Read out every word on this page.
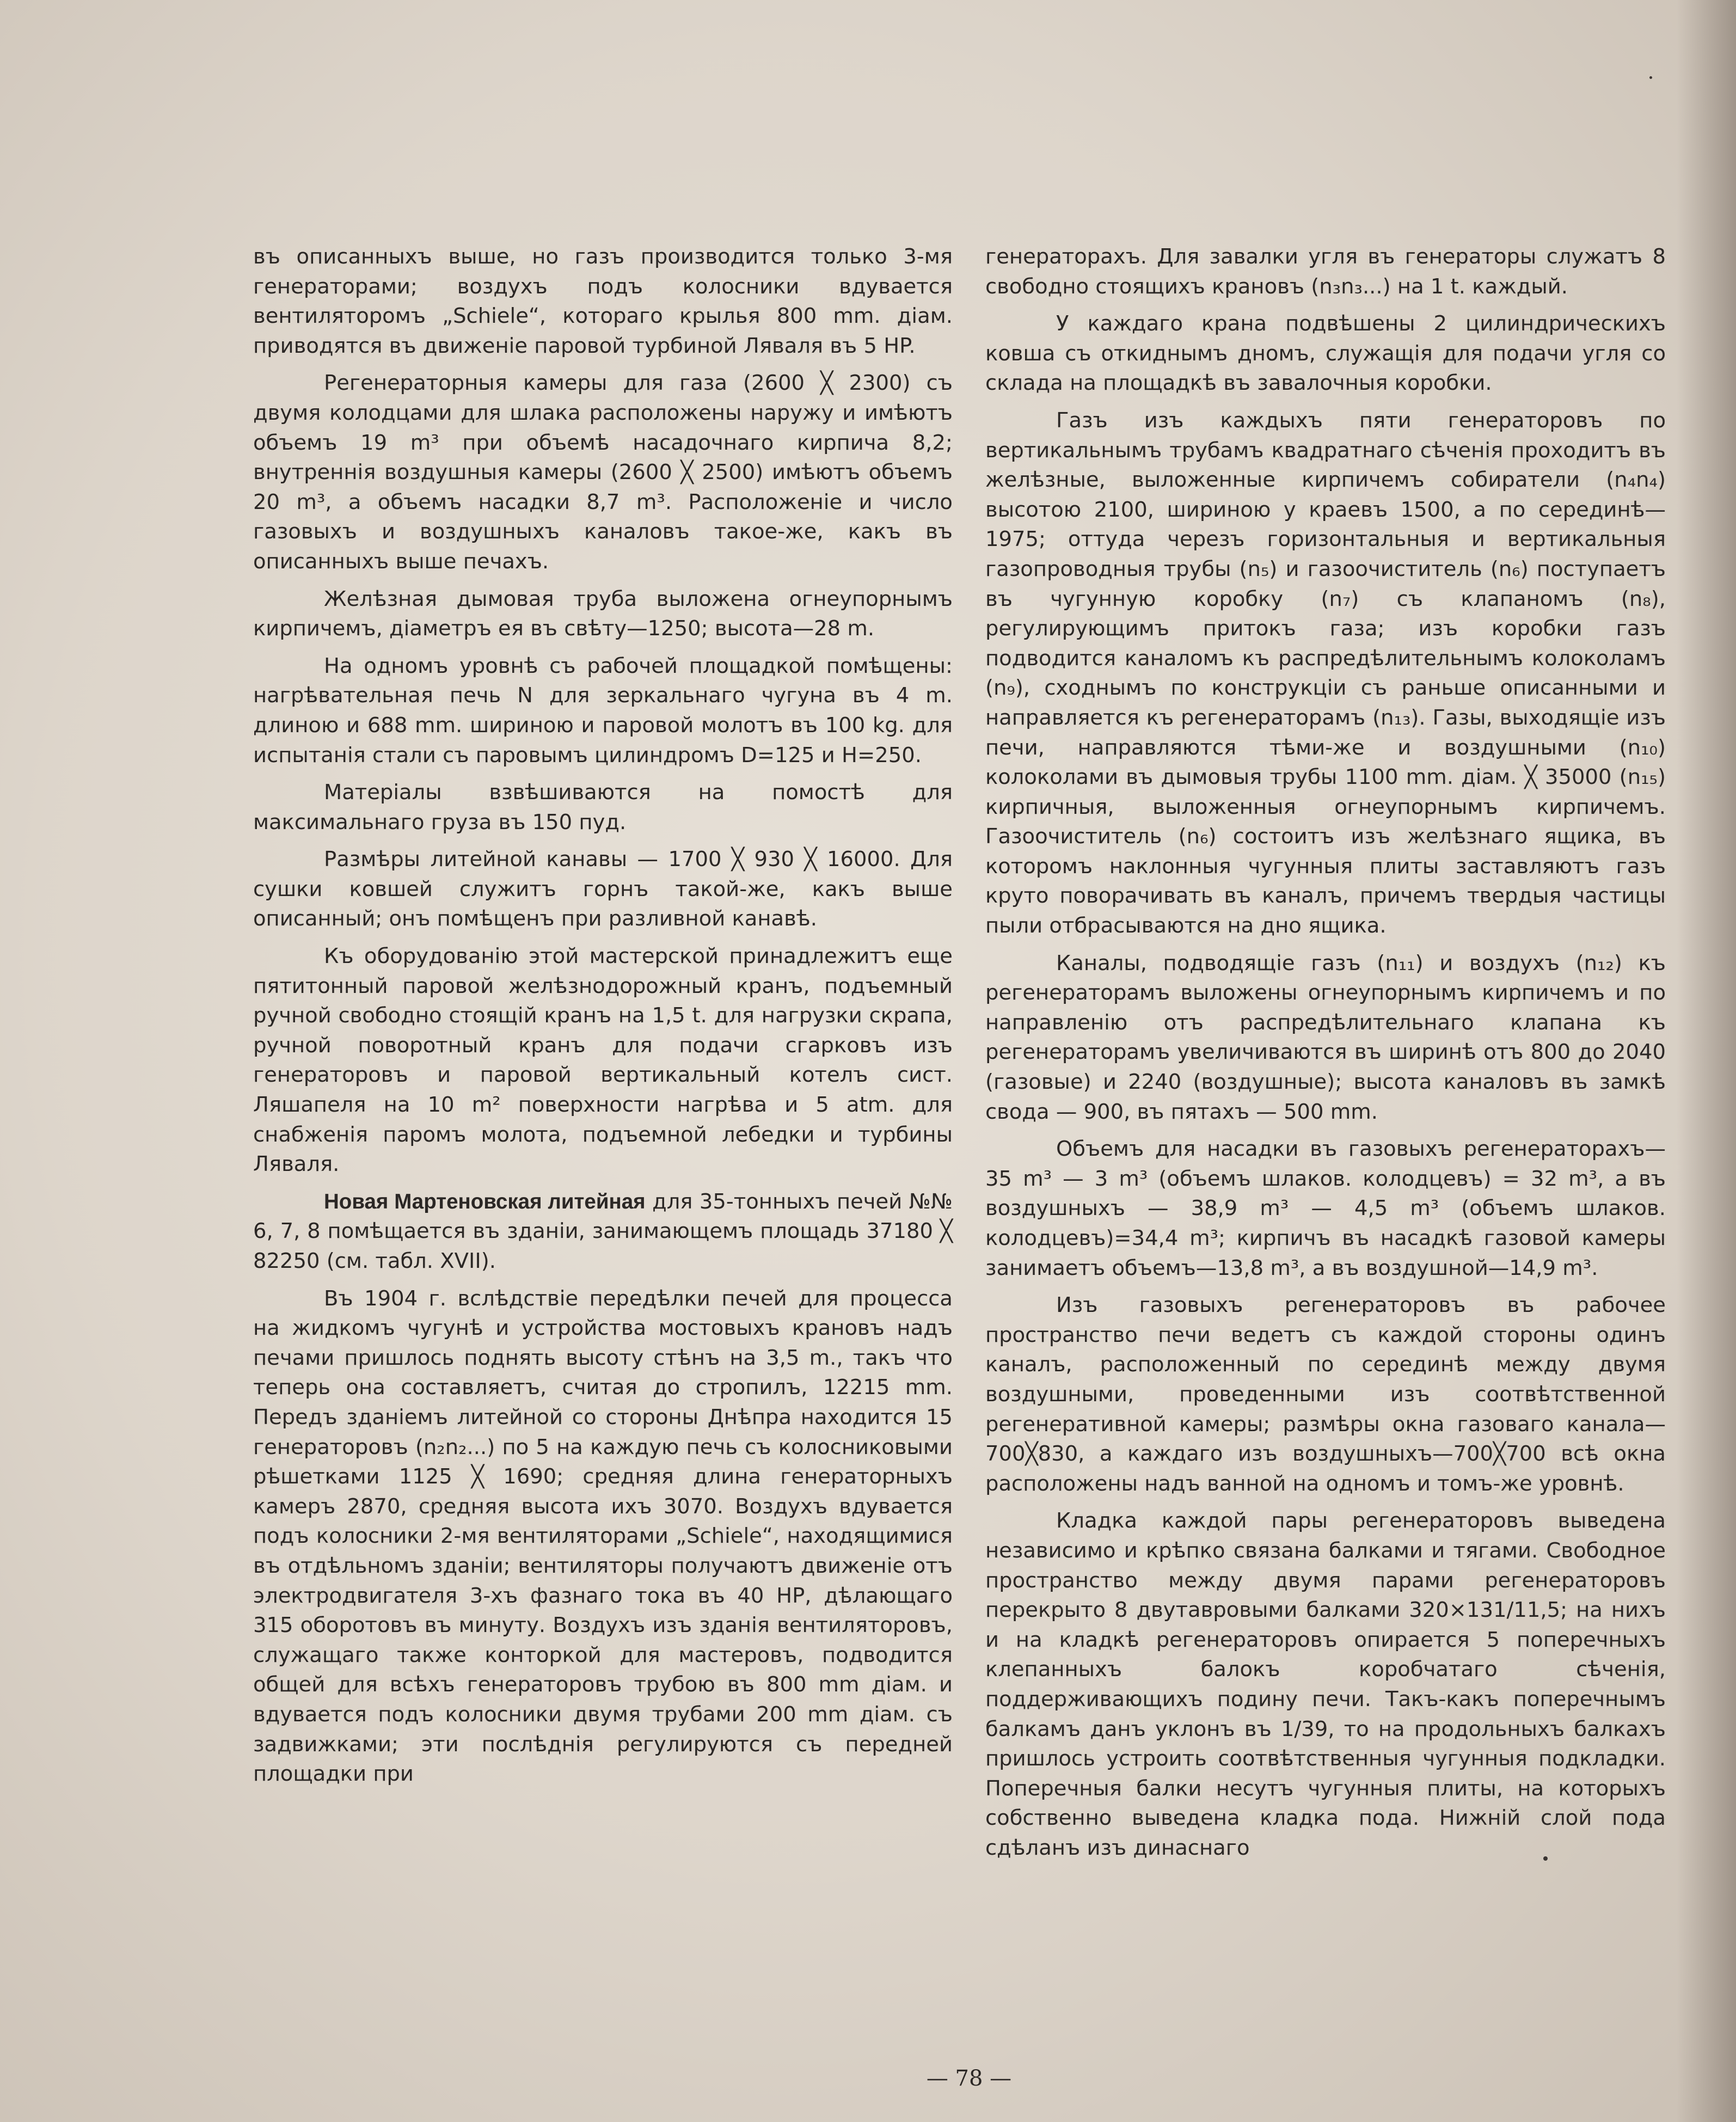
въ описанныхъ выше, но газъ производится только 3-мя генераторами; воздухъ подъ колосники вдувается вентиляторомъ „Schiele“, котораго крылья 800 mm. діам. приводятся въ движеніе паровой турбиной Ляваля въ 5 HP.

Регенераторныя камеры для газа (2600 ╳ 2300) съ двумя колодцами для шлака расположены наружу и имѣютъ объемъ 19 m³ при объемѣ насадочнаго кирпича 8,2; внутреннія воздушныя камеры (2600 ╳ 2500) имѣютъ объемъ 20 m³, а объемъ насадки 8,7 m³. Расположеніе и число газовыхъ и воздушныхъ каналовъ такое-же, какъ въ описанныхъ выше печахъ.

Желѣзная дымовая труба выложена огнеупорнымъ кирпичемъ, діаметръ ея въ свѣту—1250; высота—28 m.

На одномъ уровнѣ съ рабочей площадкой помѣщены: нагрѣвательная печь N для зеркальнаго чугуна въ 4 m. длиною и 688 mm. шириною и паровой молотъ въ 100 kg. для испытанія стали съ паровымъ цилиндромъ D=125 и H=250.

Матеріалы взвѣшиваются на помостѣ для максимальнаго груза въ 150 пуд.

Размѣры литейной канавы — 1700 ╳ 930 ╳ 16000. Для сушки ковшей служитъ горнъ такой-же, какъ выше описанный; онъ помѣщенъ при разливной канавѣ.

Къ оборудованію этой мастерской принадлежитъ еще пятитонный паровой желѣзнодорожный кранъ, подъемный ручной свободно стоящій кранъ на 1,5 t. для нагрузки скрапа, ручной поворотный кранъ для подачи сгарковъ изъ генераторовъ и паровой вертикальный котелъ сист. Ляшапеля на 10 m² поверхности нагрѣва и 5 atm. для снабженія паромъ молота, подъемной лебедки и турбины Ляваля.

Новая Мартеновская литейная для 35-тонныхъ печей №№ 6, 7, 8 помѣщается въ зданіи, занимающемъ площадь 37180 ╳ 82250 (см. табл. XVII).

Въ 1904 г. вслѣдствіе передѣлки печей для процесса на жидкомъ чугунѣ и устройства мостовыхъ крановъ надъ печами пришлось поднять высоту стѣнъ на 3,5 m., такъ что теперь она составляетъ, считая до стропилъ, 12215 mm. Передъ зданіемъ литейной со стороны Днѣпра находится 15 генераторовъ (n₂n₂...) по 5 на каждую печь съ колосниковыми рѣшетками 1125 ╳ 1690; средняя длина генераторныхъ камеръ 2870, средняя высота ихъ 3070. Воздухъ вдувается подъ колосники 2-мя вентиляторами „Schiele“, находящимися въ отдѣльномъ зданіи; вентиляторы получаютъ движеніе отъ электродвигателя 3-хъ фазнаго тока въ 40 HP, дѣлающаго 315 оборотовъ въ минуту. Воздухъ изъ зданія вентиляторовъ, служащаго также конторкой для мастеровъ, подводится общей для всѣхъ генераторовъ трубою въ 800 mm діам. и вдувается подъ колосники двумя трубами 200 mm діам. съ задвижками; эти послѣднія регулируются съ передней площадки при

генераторахъ. Для завалки угля въ генераторы служатъ 8 свободно стоящихъ крановъ (n₃n₃...) на 1 t. каждый.

У каждаго крана подвѣшены 2 цилиндрическихъ ковша съ откиднымъ дномъ, служащія для подачи угля со склада на площадкѣ въ завалочныя коробки.

Газъ изъ каждыхъ пяти генераторовъ по вертикальнымъ трубамъ квадратнаго сѣченія проходитъ въ желѣзные, выложенные кирпичемъ собиратели (n₄n₄) высотою 2100, шириною у краевъ 1500, а по серединѣ—1975; оттуда черезъ горизонтальныя и вертикальныя газопроводныя трубы (n₅) и газоочиститель (n₆) поступаетъ въ чугунную коробку (n₇) съ клапаномъ (n₈), регулирующимъ притокъ газа; изъ коробки газъ подводится каналомъ къ распредѣлительнымъ колоколамъ (n₉), сходнымъ по конструкціи съ раньше описанными и направляется къ регенераторамъ (n₁₃). Газы, выходящіе изъ печи, направляются тѣми-же и воздушными (n₁₀) колоколами въ дымовыя трубы 1100 mm. діам. ╳ 35000 (n₁₅) кирпичныя, выложенныя огнеупорнымъ кирпичемъ. Газоочиститель (n₆) состоитъ изъ желѣзнаго ящика, въ которомъ наклонныя чугунныя плиты заставляютъ газъ круто поворачивать въ каналъ, причемъ твердыя частицы пыли отбрасываются на дно ящика.

Каналы, подводящіе газъ (n₁₁) и воздухъ (n₁₂) къ регенераторамъ выложены огнеупорнымъ кирпичемъ и по направленію отъ распредѣлительнаго клапана къ регенераторамъ увеличиваются въ ширинѣ отъ 800 до 2040 (газовые) и 2240 (воздушные); высота каналовъ въ замкѣ свода — 900, въ пятахъ — 500 mm.

Объемъ для насадки въ газовыхъ регенераторахъ— 35 m³ — 3 m³ (объемъ шлаков. колодцевъ) = 32 m³, а въ воздушныхъ — 38,9 m³ — 4,5 m³ (объемъ шлаков. колодцевъ)=34,4 m³; кирпичъ въ насадкѣ газовой камеры занимаетъ объемъ—13,8 m³, а въ воздушной—14,9 m³.

Изъ газовыхъ регенераторовъ въ рабочее пространство печи ведетъ съ каждой стороны одинъ каналъ, расположенный по серединѣ между двумя воздушными, проведенными изъ соотвѣтственной регенеративной камеры; размѣры окна газоваго канала—700╳830, а каждаго изъ воздушныхъ—700╳700 всѣ окна расположены надъ ванной на одномъ и томъ-же уровнѣ.

Кладка каждой пары регенераторовъ выведена независимо и крѣпко связана балками и тягами. Свободное пространство между двумя парами регенераторовъ перекрыто 8 двутавровыми балками 320×131/11,5; на нихъ и на кладкѣ регенераторовъ опирается 5 поперечныхъ клепанныхъ балокъ коробчатаго сѣченія, поддерживающихъ подину печи. Такъ-какъ поперечнымъ балкамъ данъ уклонъ въ 1/39, то на продольныхъ балкахъ пришлось устроить соотвѣтственныя чугунныя подкладки. Поперечныя балки несутъ чугунныя плиты, на которыхъ собственно выведена кладка пода. Нижній слой пода сдѣланъ изъ динаснаго

— 78 —
